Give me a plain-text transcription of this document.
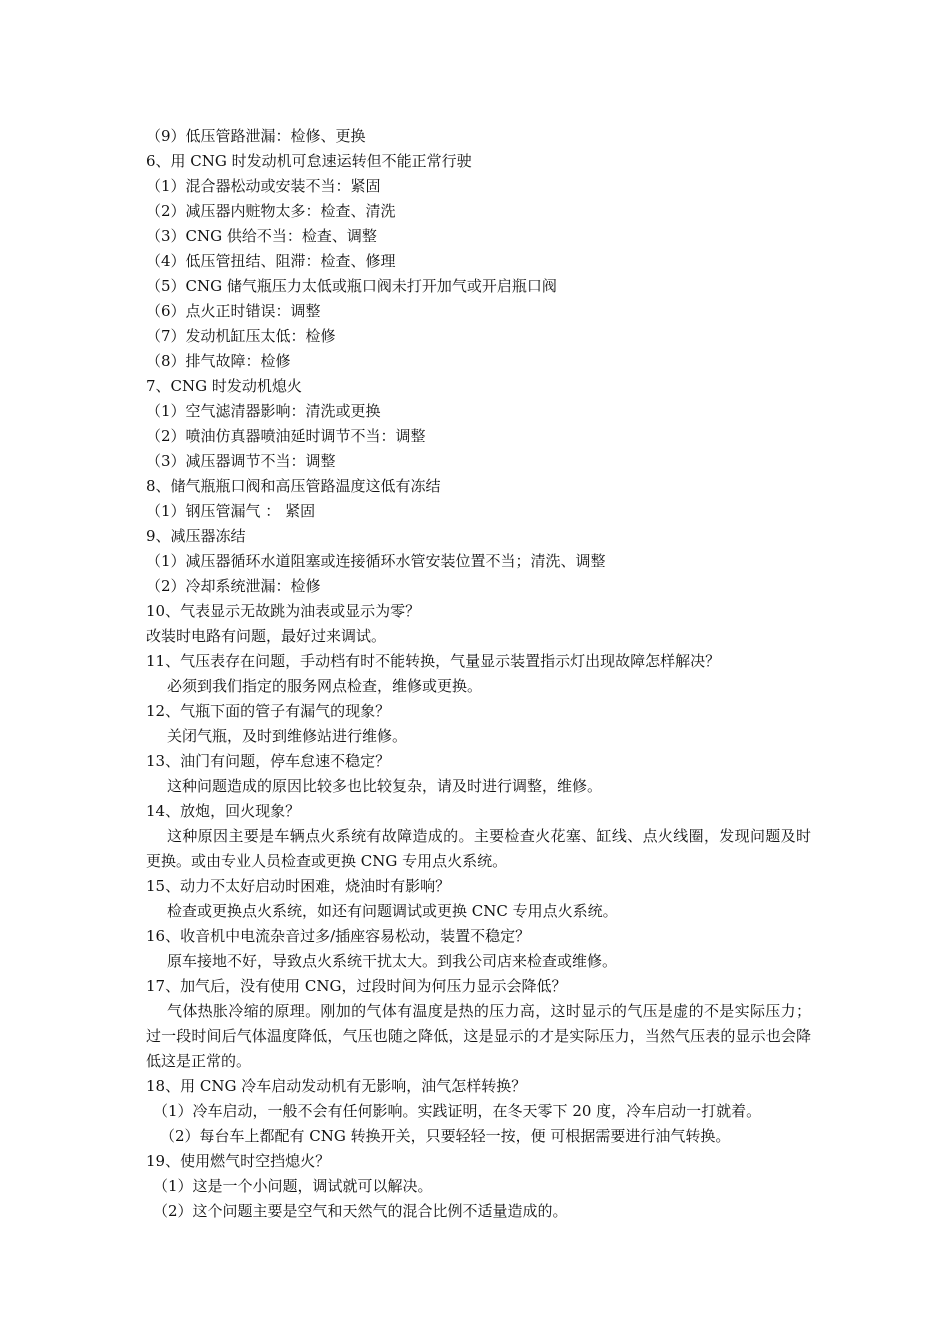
（9）低压管路泄漏：检修、更换

6、用 CNG 时发动机可怠速运转但不能正常行驶

（1）混合器松动或安装不当：紧固

（2）减压器内赃物太多：检查、清洗

（3）CNG 供给不当：检查、调整

（4）低压管扭结、阻滞：检查、修理

（5）CNG 储气瓶压力太低或瓶口阀未打开加气或开启瓶口阀

（6）点火正时错误：调整

（7）发动机缸压太低：检修

（8）排气故障：检修

7、CNG 时发动机熄火

（1）空气滤清器影响：清洗或更换

（2）喷油仿真器喷油延时调节不当：调整

（3）减压器调节不当：调整

8、储气瓶瓶口阀和高压管路温度这低有冻结

（1）钢压管漏气 ： 紧固

9、减压器冻结

（1）减压器循环水道阻塞或连接循环水管安装位置不当；清洗、调整

（2）冷却系统泄漏：检修

10、气表显示无故跳为油表或显示为零？

改装时电路有问题，最好过来调试。

11、气压表存在问题，手动档有时不能转换，气量显示装置指示灯出现故障怎样解决？

必须到我们指定的服务网点检查，维修或更换。

12、气瓶下面的管子有漏气的现象？

关闭气瓶，及时到维修站进行维修。

13、油门有问题，停车怠速不稳定？

这种问题造成的原因比较多也比较复杂，请及时进行调整，维修。

14、放炮，回火现象？

这种原因主要是车辆点火系统有故障造成的。主要检查火花塞、缸线、点火线圈，发现问题及时更换。或由专业人员检查或更换 CNG 专用点火系统。

15、动力不太好启动时困难，烧油时有影响？

检查或更换点火系统，如还有问题调试或更换 CNC 专用点火系统。

16、收音机中电流杂音过多/插座容易松动，装置不稳定？

原车接地不好，导致点火系统干扰太大。到我公司店来检查或维修。

17、加气后，没有使用 CNG，过段时间为何压力显示会降低？

气体热胀冷缩的原理。刚加的气体有温度是热的压力高，这时显示的气压是虚的不是实际压力；过一段时间后气体温度降低，气压也随之降低，这是显示的才是实际压力，当然气压表的显示也会降低这是正常的。

18、用 CNG 冷车启动发动机有无影响，油气怎样转换？

（1）冷车启动，一般不会有任何影响。实践证明，在冬天零下 20 度，冷车启动一打就着。

（2）每台车上都配有 CNG 转换开关，只要轻轻一按，便 可根据需要进行油气转换。

19、使用燃气时空挡熄火？

（1）这是一个小问题，调试就可以解决。

（2）这个问题主要是空气和天然气的混合比例不适量造成的。
